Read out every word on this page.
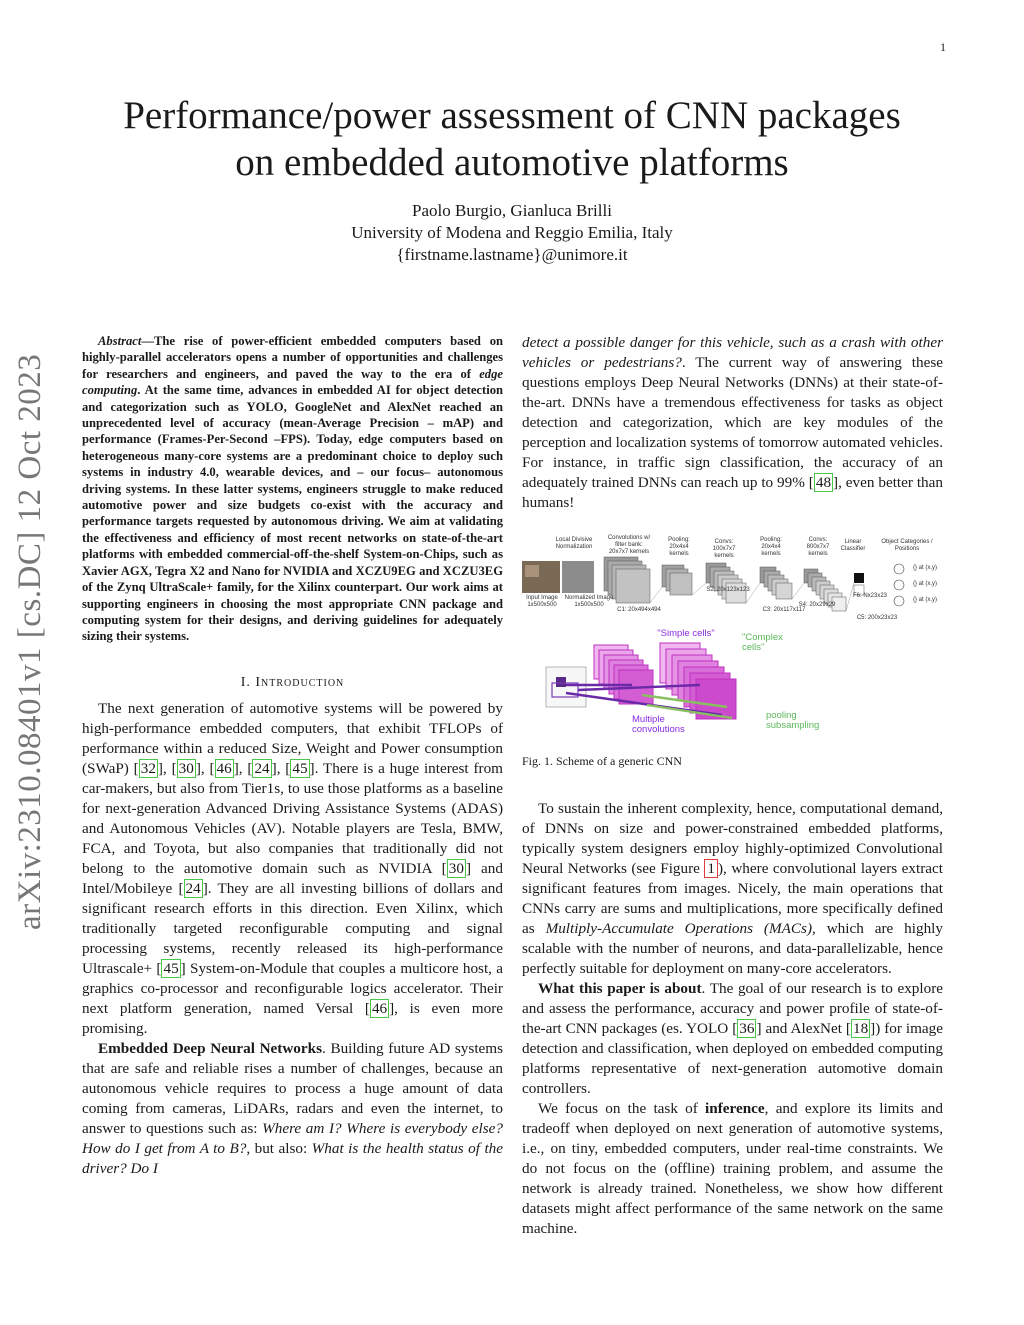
1
arXiv:2310.08401v1 [cs.DC] 12 Oct 2023
Performance/power assessment of CNN packages
on embedded automotive platforms
Paolo Burgio, Gianluca Brilli
University of Modena and Reggio Emilia, Italy
{firstname.lastname}@unimore.it

Abstract—The rise of power-efficient embedded computers based on highly-parallel accelerators opens a number of opportunities and challenges for researchers and engineers, and paved the way to the era of edge computing. At the same time, advances in embedded AI for object detection and categorization such as YOLO, GoogleNet and AlexNet reached an unprecedented level of accuracy (mean-Average Precision – mAP) and performance (Frames-Per-Second –FPS). Today, edge computers based on heterogeneous many-core systems are a predominant choice to deploy such systems in industry 4.0, wearable devices, and – our focus– autonomous driving systems. In these latter systems, engineers struggle to make reduced automotive power and size budgets co-exist with the accuracy and performance targets requested by autonomous driving. We aim at validating the effectiveness and efficiency of most recent networks on state-of-the-art platforms with embedded commercial-off-the-shelf System-on-Chips, such as Xavier AGX, Tegra X2 and Nano for NVIDIA and XCZU9EG and XCZU3EG of the Zynq UltraScale+ family, for the Xilinx counterpart. Our work aims at supporting engineers in choosing the most appropriate CNN package and computing system for their designs, and deriving guidelines for adequately sizing their systems.

I. Introduction

The next generation of automotive systems will be powered by high-performance embedded computers, that exhibit TFLOPs of performance within a reduced Size, Weight and Power consumption (SWaP) [ 32 ], [ 30 ], [ 46 ], [ 24 ], [ 45 ]. There is a huge interest from car-makers, but also from Tier1s, to use those platforms as a baseline for next-generation Advanced Driving Assistance Systems (ADAS) and Autonomous Vehicles (AV). Notable players are Tesla, BMW, FCA, and Toyota, but also companies that traditionally did not belong to the automotive domain such as NVIDIA [ 30 ] and Intel/Mobileye [ 24 ]. They are all investing billions of dollars and significant research efforts in this direction. Even Xilinx, which traditionally targeted reconfigurable computing and signal processing systems, recently released its high-performance Ultrascale+ [ 45 ] System-on-Module that couples a multicore host, a graphics co-processor and reconfigurable logics accelerator. Their next platform generation, named Versal [ 46 ], is even more promising.

Embedded Deep Neural Networks. Building future AD systems that are safe and reliable rises a number of challenges, because an autonomous vehicle requires to process a huge amount of data coming from cameras, LiDARs, radars and even the internet, to answer to questions such as: Where am I? Where is everybody else? How do I get from A to B?, but also: What is the health status of the driver? Do I

detect a possible danger for this vehicle, such as a crash with other vehicles or pedestrians?. The current way of answering these questions employs Deep Neural Networks (DNNs) at their state-of-the-art. DNNs have a tremendous effectiveness for tasks as object detection and categorization, which are key modules of the perception and localization systems of tomorrow automated vehicles. For instance, in traffic sign classification, the accuracy of an adequately trained DNNs can reach up to 99% [ 48 ], even better than humans!

Local Divisive Normalization
Convolutions w/ filter bank: 20x7x7 kernels
Pooling: 20x4x4 kernels
Convs: 100x7x7 kernels
Pooling: 20x4x4 kernels
Convs: 800x7x7 kernels
Linear Classifier
Object Categories / Positions
Input Image 1x500x500
Normalized Image 1x500x500
C1: 20x494x494
S2: 20x123x123
C3: 20x117x117
S4: 20x29x29
C5: 200x23x23
F6: Nx23x23
{} at (x,y)
{} at (x,y)
{} at (x,y)
"Simple cells"	"Complex cells"
Multiple convolutions
pooling subsampling
Fig. 1. Scheme of a generic CNN

To sustain the inherent complexity, hence, computational demand, of DNNs on size and power-constrained embedded platforms, typically system designers employ highly-optimized Convolutional Neural Networks (see Figure 1 ), where convolutional layers extract significant features from images. Nicely, the main operations that CNNs carry are sums and multiplications, more specifically defined as Multiply-Accumulate Operations (MACs), which are highly scalable with the number of neurons, and data-parallelizable, hence perfectly suitable for deployment on many-core accelerators.

What this paper is about. The goal of our research is to explore and assess the performance, accuracy and power profile of state-of-the-art CNN packages (es. YOLO [ 36 ] and AlexNet [ 18 ]) for image detection and classification, when deployed on embedded computing platforms representative of next-generation automotive domain controllers.

We focus on the task of inference, and explore its limits and tradeoff when deployed on next generation of automotive systems, i.e., on tiny, embedded computers, under real-time constraints. We do not focus on the (offline) training problem, and assume the network is already trained. Nonetheless, we show how different datasets might affect performance of the same network on the same machine.
